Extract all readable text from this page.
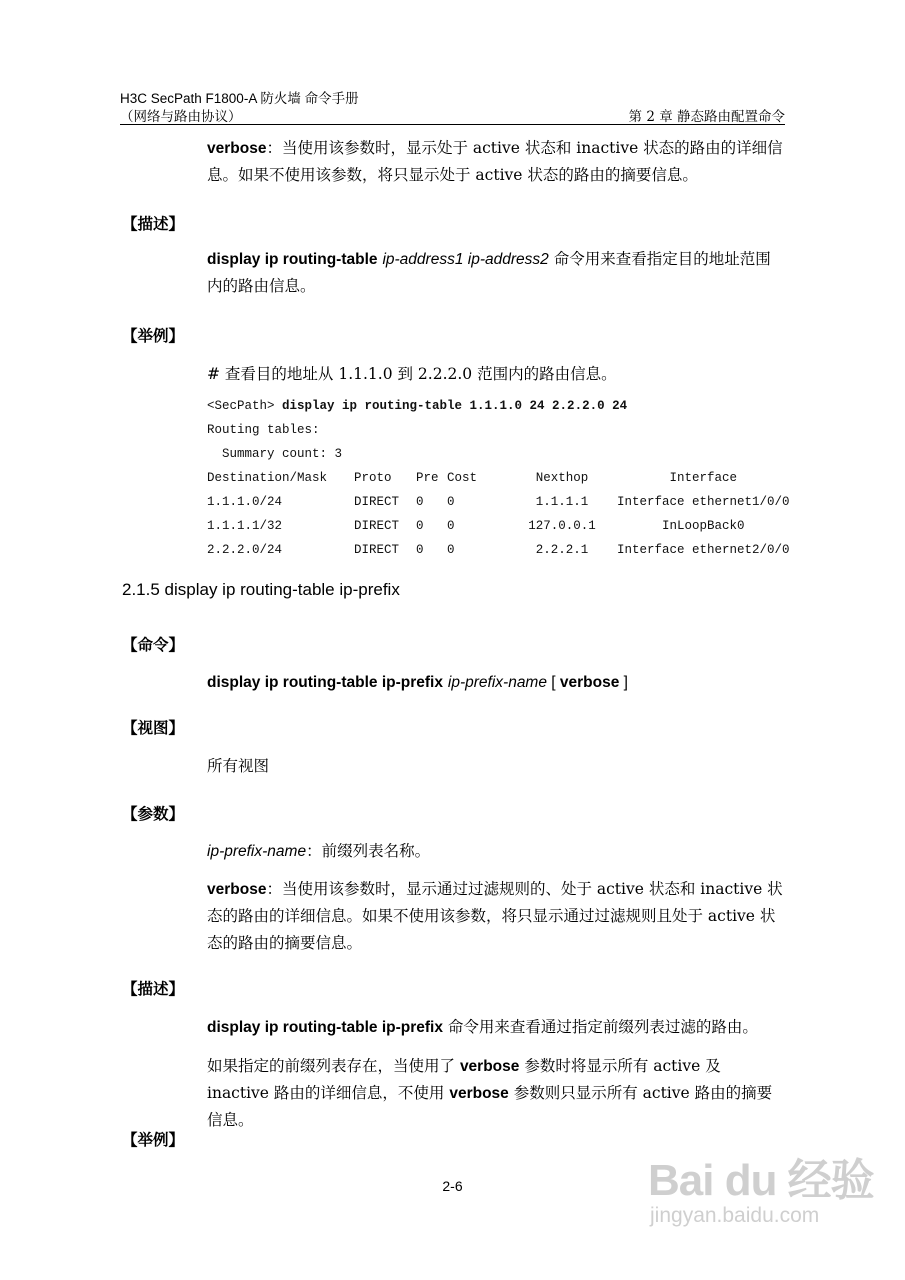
H3C SecPath F1800-A 防火墙 命令手册
（网络与路由协议）	第 2 章 静态路由配置命令
verbose：当使用该参数时，显示处于 active 状态和 inactive 状态的路由的详细信息。如果不使用该参数，将只显示处于 active 状态的路由的摘要信息。
【描述】
display ip routing-table ip-address1 ip-address2 命令用来查看指定目的地址范围内的路由信息。
【举例】
# 查看目的地址从 1.1.1.0 到 2.2.2.0 范围内的路由信息。
<SecPath> display ip routing-table 1.1.1.0 24 2.2.2.0 24
Routing tables:
Summary count: 3
Destination/Mask	Proto	Pre	Cost	Nexthop	Interface
1.1.1.0/24	DIRECT	0	0	1.1.1.1	Interface ethernet1/0/0
1.1.1.1/32	DIRECT	0	0	127.0.0.1	InLoopBack0
2.2.2.0/24	DIRECT	0	0	2.2.2.1	Interface ethernet2/0/0
2.1.5 display ip routing-table ip-prefix
【命令】
display ip routing-table ip-prefix ip-prefix-name [ verbose ]
【视图】
所有视图
【参数】
ip-prefix-name：前缀列表名称。
verbose：当使用该参数时，显示通过过滤规则的、处于 active 状态和 inactive 状态的路由的详细信息。如果不使用该参数，将只显示通过过滤规则且处于 active 状态的路由的摘要信息。
【描述】
display ip routing-table ip-prefix 命令用来查看通过指定前缀列表过滤的路由。
如果指定的前缀列表存在，当使用了 verbose 参数时将显示所有 active 及 inactive 路由的详细信息，不使用 verbose 参数则只显示所有 active 路由的摘要信息。
【举例】
2-6	Bai du 经验
jingyan.baidu.com
